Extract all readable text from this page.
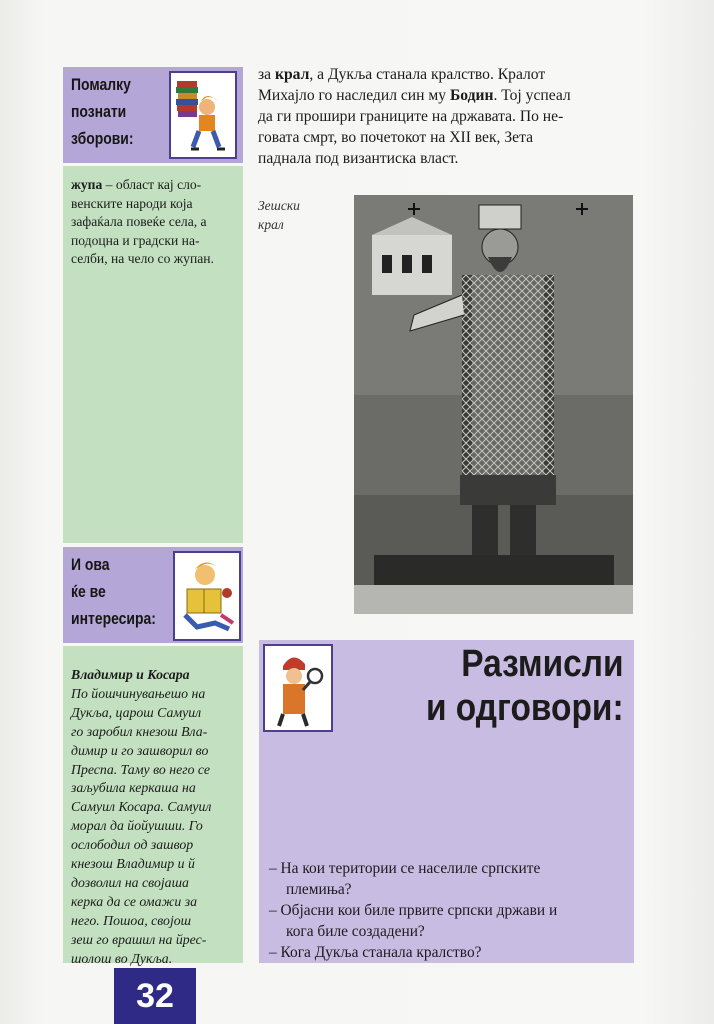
Помалку
познати
зборови:
жупа – област кај сло-
венските народи која
зафаќала повеќе села, а
подоцна и градски на-
селби, на чело со жупан.
И ова
ќе ве
интересира:
Владимир и Косара
По йошчинувањешо на
Дукља, царош Самуил
го заробил кнезош Вла-
димир и го зашворил во
Преспа. Таму во него се
заљубила керкаша на
Самуил Косара. Самуил
морал да йойушши. Го
ослободил од зашвор
кнезош Владимир и й
дозволил на својаша
керка да се омажи за
него. Пошоа, својош
зеш го врашил на йрес-
шолош во Дукља.
за крал, а Дукља станала кралство. Кралот
Михајло го наследил син му Бодин. Тој успеал
да ги прошири границите на државата. По не-
говата смрт, во почетокот на XII век, Зета
паднала под византиска власт.
Зешски
крал
Размисли
и одговори:
– На кои територии се населиле српските
племиња?
– Објасни кои биле првите српски држави и
кога биле создадени?
– Кога Дукља станала кралство?
32
